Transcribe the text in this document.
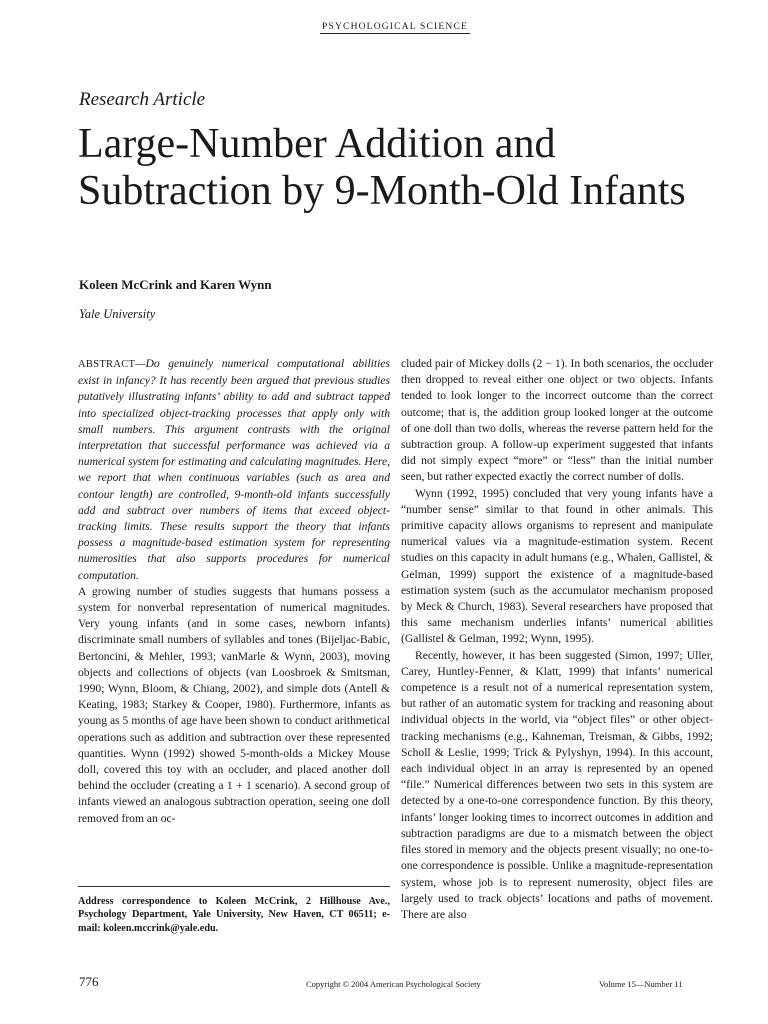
PSYCHOLOGICAL SCIENCE
Research Article
Large-Number Addition and Subtraction by 9-Month-Old Infants
Koleen McCrink and Karen Wynn
Yale University

ABSTRACT—Do genuinely numerical computational abilities exist in infancy? It has recently been argued that previous studies putatively illustrating infants’ ability to add and subtract tapped into specialized object-tracking processes that apply only with small numbers. This argument contrasts with the original interpretation that successful performance was achieved via a numerical system for estimating and calculating magnitudes. Here, we report that when continuous variables (such as area and contour length) are controlled, 9-month-old infants successfully add and subtract over numbers of items that exceed object-tracking limits. These results support the theory that infants possess a magnitude-based estimation system for representing numerosities that also supports procedures for numerical computation.

A growing number of studies suggests that humans possess a system for nonverbal representation of numerical magnitudes. Very young infants (and in some cases, newborn infants) discriminate small numbers of syllables and tones (Bijeljac-Babic, Bertoncini, & Mehler, 1993; vanMarle & Wynn, 2003), moving objects and collections of objects (van Loosbroek & Smitsman, 1990; Wynn, Bloom, & Chiang, 2002), and simple dots (Antell & Keating, 1983; Starkey & Cooper, 1980). Furthermore, infants as young as 5 months of age have been shown to conduct arithmetical operations such as addition and subtraction over these represented quantities. Wynn (1992) showed 5-month-olds a Mickey Mouse doll, covered this toy with an occluder, and placed another doll behind the occluder (creating a 1 + 1 scenario). A second group of infants viewed an analogous subtraction operation, seeing one doll removed from an oc-

cluded pair of Mickey dolls (2 − 1). In both scenarios, the occluder then dropped to reveal either one object or two objects. Infants tended to look longer to the incorrect outcome than the correct outcome; that is, the addition group looked longer at the outcome of one doll than two dolls, whereas the reverse pattern held for the subtraction group. A follow-up experiment suggested that infants did not simply expect “more” or “less” than the initial number seen, but rather expected exactly the correct number of dolls.

Wynn (1992, 1995) concluded that very young infants have a “number sense” similar to that found in other animals. This primitive capacity allows organisms to represent and manipulate numerical values via a magnitude-estimation system. Recent studies on this capacity in adult humans (e.g., Whalen, Gallistel, & Gelman, 1999) support the existence of a magnitude-based estimation system (such as the accumulator mechanism proposed by Meck & Church, 1983). Several researchers have proposed that this same mechanism underlies infants’ numerical abilities (Gallistel & Gelman, 1992; Wynn, 1995).

Recently, however, it has been suggested (Simon, 1997; Uller, Carey, Huntley-Fenner, & Klatt, 1999) that infants’ numerical competence is a result not of a numerical representation system, but rather of an automatic system for tracking and reasoning about individual objects in the world, via “object files” or other object-tracking mechanisms (e.g., Kahneman, Treisman, & Gibbs, 1992; Scholl & Leslie, 1999; Trick & Pylyshyn, 1994). In this account, each individual object in an array is represented by an opened “file.” Numerical differences between two sets in this system are detected by a one-to-one correspondence function. By this theory, infants’ longer looking times to incorrect outcomes in addition and subtraction paradigms are due to a mismatch between the object files stored in memory and the objects present visually; no one-to-one correspondence is possible. Unlike a magnitude-representation system, whose job is to represent numerosity, object files are largely used to track objects’ locations and paths of movement. There are also

Address correspondence to Koleen McCrink, 2 Hillhouse Ave., Psychology Department, Yale University, New Haven, CT 06511; e-mail: koleen.mccrink@yale.edu.
776	Copyright © 2004 American Psychological Society	Volume 15—Number 11
